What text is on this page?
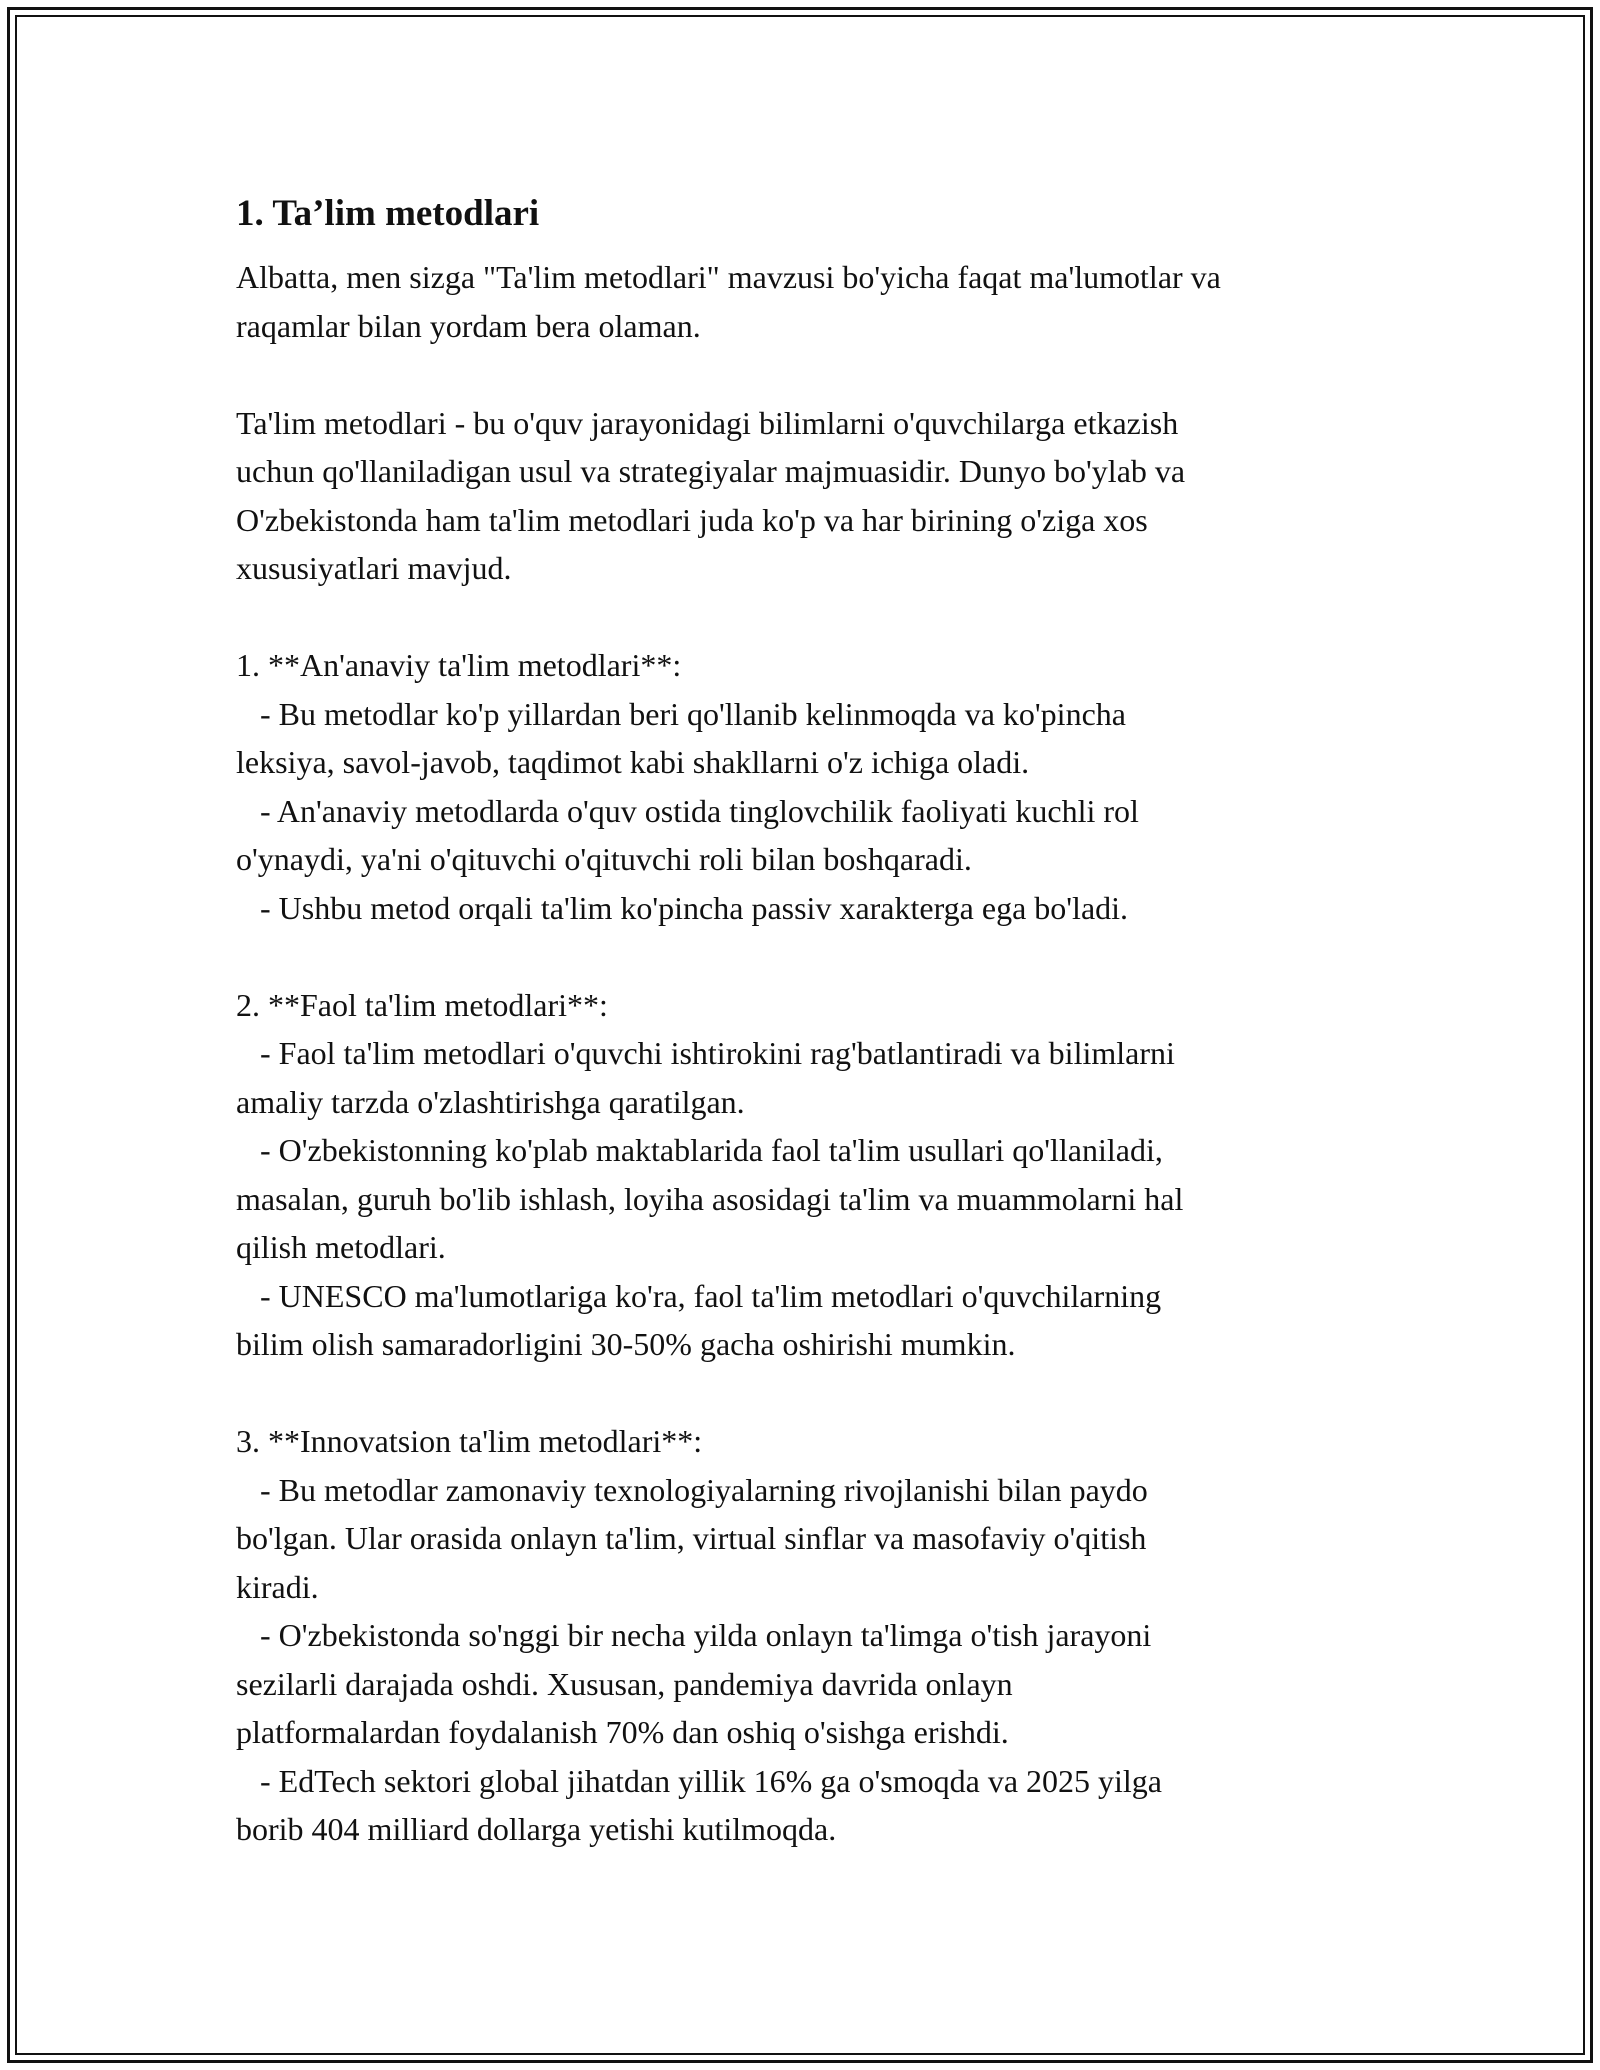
1. Ta’lim metodlari
Albatta, men sizga "Ta'lim metodlari" mavzusi bo'yicha faqat ma'lumotlar va
raqamlar bilan yordam bera olaman.
Ta'lim metodlari - bu o'quv jarayonidagi bilimlarni o'quvchilarga etkazish
uchun qo'llaniladigan usul va strategiyalar majmuasidir. Dunyo bo'ylab va
O'zbekistonda ham ta'lim metodlari juda ko'p va har birining o'ziga xos
xususiyatlari mavjud.
1. **An'anaviy ta'lim metodlari**:
- Bu metodlar ko'p yillardan beri qo'llanib kelinmoqda va ko'pincha
leksiya, savol-javob, taqdimot kabi shakllarni o'z ichiga oladi.
- An'anaviy metodlarda o'quv ostida tinglovchilik faoliyati kuchli rol
o'ynaydi, ya'ni o'qituvchi o'qituvchi roli bilan boshqaradi.
- Ushbu metod orqali ta'lim ko'pincha passiv xarakterga ega bo'ladi.
2. **Faol ta'lim metodlari**:
- Faol ta'lim metodlari o'quvchi ishtirokini rag'batlantiradi va bilimlarni
amaliy tarzda o'zlashtirishga qaratilgan.
- O'zbekistonning ko'plab maktablarida faol ta'lim usullari qo'llaniladi,
masalan, guruh bo'lib ishlash, loyiha asosidagi ta'lim va muammolarni hal
qilish metodlari.
- UNESCO ma'lumotlariga ko'ra, faol ta'lim metodlari o'quvchilarning
bilim olish samaradorligini 30-50% gacha oshirishi mumkin.
3. **Innovatsion ta'lim metodlari**:
- Bu metodlar zamonaviy texnologiyalarning rivojlanishi bilan paydo
bo'lgan. Ular orasida onlayn ta'lim, virtual sinflar va masofaviy o'qitish
kiradi.
- O'zbekistonda so'nggi bir necha yilda onlayn ta'limga o'tish jarayoni
sezilarli darajada oshdi. Xususan, pandemiya davrida onlayn
platformalardan foydalanish 70% dan oshiq o'sishga erishdi.
- EdTech sektori global jihatdan yillik 16% ga o'smoqda va 2025 yilga
borib 404 milliard dollarga yetishi kutilmoqda.
